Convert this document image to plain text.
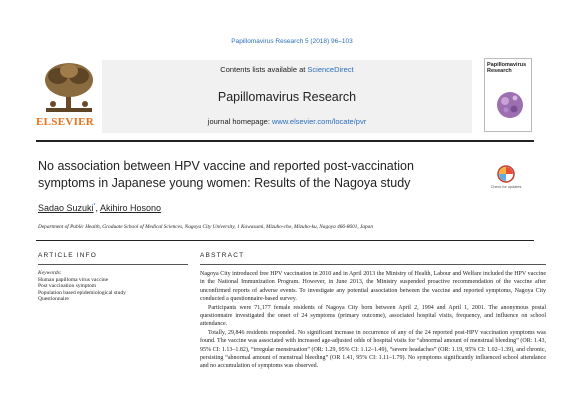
Papillomavirus Research 5 (2018) 96–103
ELSEVIER
Contents lists available at ScienceDirect
Papillomavirus Research
journal homepage: www.elsevier.com/locate/pvr
Papillomavirus Research
No association between HPV vaccine and reported post-vaccination symptoms in Japanese young women: Results of the Nagoya study	Check for updates
Sadao Suzuki*, Akihiro Hosono
Department of Public Health, Graduate School of Medical Sciences, Nagoya City University, 1 Kawasumi, Mizuho-cho, Mizuho-ku, Nagoya 466-8601, Japan
ARTICLE INFO	ABSTRACT
Keywords:
Human papilloma virus vaccine
Post vaccination symptom
Population based epidemiological study
Questionnaire

Nagoya City introduced free HPV vaccination in 2010 and in April 2013 the Ministry of Health, Labour and Welfare included the HPV vaccine in the National Immunization Program. However, in June 2013, the Ministry suspended proactive recommendation of the vaccine after unconfirmed reports of adverse events. To investigate any potential association between the vaccine and reported symptoms, Nagoya City conducted a questionnaire-based survey.

Participants were 71,177 female residents of Nagoya City born between April 2, 1994 and April 1, 2001. The anonymous postal questionnaire investigated the onset of 24 symptoms (primary outcome), associated hospital visits, frequency, and influence on school attendance.

Totally, 29,846 residents responded. No significant increase in occurrence of any of the 24 reported post-HPV vaccination symptoms was found. The vaccine was associated with increased age-adjusted odds of hospital visits for “abnormal amount of menstrual bleeding” (OR: 1.43, 95% CI: 1.13–1.82), “irregular menstruation” (OR: 1.29, 95% CI: 1.12–1.49), “severe headaches” (OR: 1.19, 95% CI: 1.02–1.39), and chronic, persisting “abnormal amount of menstrual bleeding” (OR 1.41, 95% CI: 1.11–1.79). No symptoms significantly influenced school attendance and no accumulation of symptoms was observed.
